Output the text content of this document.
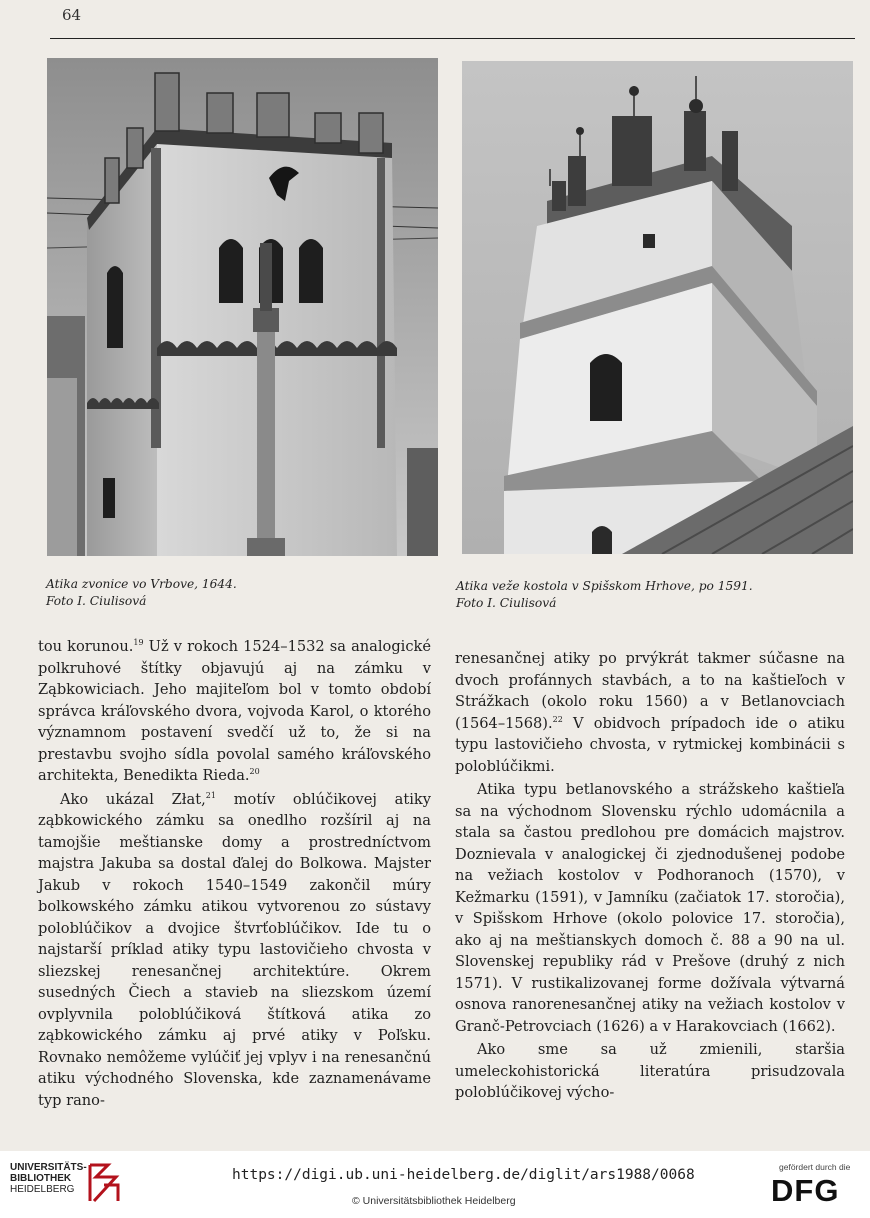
64
Atika zvonice vo Vrbove, 1644.
Foto I. Ciulisová
Atika veže kostola v Spišskom Hrhove, po 1591.
Foto I. Ciulisová

tou korunou.$^{19}$ Už v rokoch 1524–1532 sa analogické polkruhové štítky objavujú aj na zámku v Ząbkowiciach. Jeho majiteľom bol v tomto období správca kráľovského dvora, vojvoda Karol, o ktorého významnom postavení svedčí už to, že si na prestavbu svojho sídla povolal samého kráľovského architekta, Benedikta Rieda.$^{20}$

Ako ukázal Złat,$^{21}$ motív oblúčikovej atiky ząbkowického zámku sa onedlho rozšíril aj na tamojšie meštianske domy a prostredníctvom majstra Jakuba sa dostal ďalej do Bolkowa. Majster Jakub v rokoch 1540–1549 zakončil múry bolkowského zámku atikou vytvorenou zo sústavy poloblúčikov a dvojice štvrťoblúčikov. Ide tu o najstarší príklad atiky typu lastovičieho chvosta v sliezskej renesančnej architektúre. Okrem susedných Čiech a stavieb na sliezskom území ovplyvnila poloblúčiková štítková atika zo ząbkowického zámku aj prvé atiky v Poľsku. Rovnako nemôžeme vylúčiť jej vplyv i na renesančnú atiku východného Slovenska, kde zaznamenávame typ rano-

renesančnej atiky po prvýkrát takmer súčasne na dvoch profánnych stavbách, a to na kaštieľoch v Strážkach (okolo roku 1560) a v Betlanovciach (1564–1568).$^{22}$ V obidvoch prípadoch ide o atiku typu lastovičieho chvosta, v rytmickej kombinácii s poloblúčikmi.

Atika typu betlanovského a strážskeho kaštieľa sa na východnom Slovensku rýchlo udomácnila a stala sa častou predlohou pre domácich majstrov. Doznievala v analogickej či zjednodušenej podobe na vežiach kostolov v Podhoranoch (1570), v Kežmarku (1591), v Jamníku (začiatok 17. storočia), v Spišskom Hrhove (okolo polovice 17. storočia), ako aj na meštianskych domoch č. 88 a 90 na ul. Slovenskej republiky rád v Prešove (druhý z nich 1571). V rustikalizovanej forme dožívala výtvarná osnova ranorenesančnej atiky na vežiach kostolov v Granč-Petrovciach (1626) a v Harakovciach (1662).

Ako sme sa už zmienili, staršia umeleckohistorická literatúra prisudzovala poloblúčikovej výcho-

UNIVERSITÄTS-
BIBLIOTHEK
HEIDELBERG
https://digi.ub.uni-heidelberg.de/diglit/ars1988/0068
© Universitätsbibliothek Heidelberg
gefördert durch die
DFG
